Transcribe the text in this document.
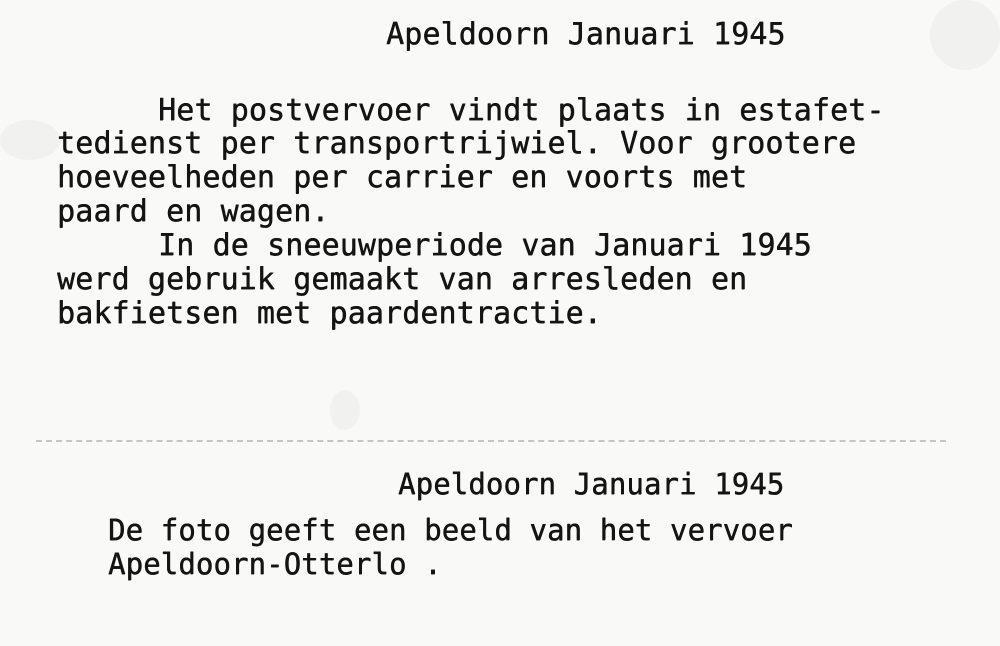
Apeldoorn Januari 1945
Het postvervoer vindt plaats in estafet-
tedienst per transportrijwiel. Voor grootere
hoeveelheden per carrier en voorts met
paard en wagen.
In de sneeuwperiode van Januari 1945
werd gebruik gemaakt van arresleden en
bakfietsen met paardentractie.
Apeldoorn Januari 1945
De foto geeft een beeld van het vervoer
Apeldoorn-Otterlo .
